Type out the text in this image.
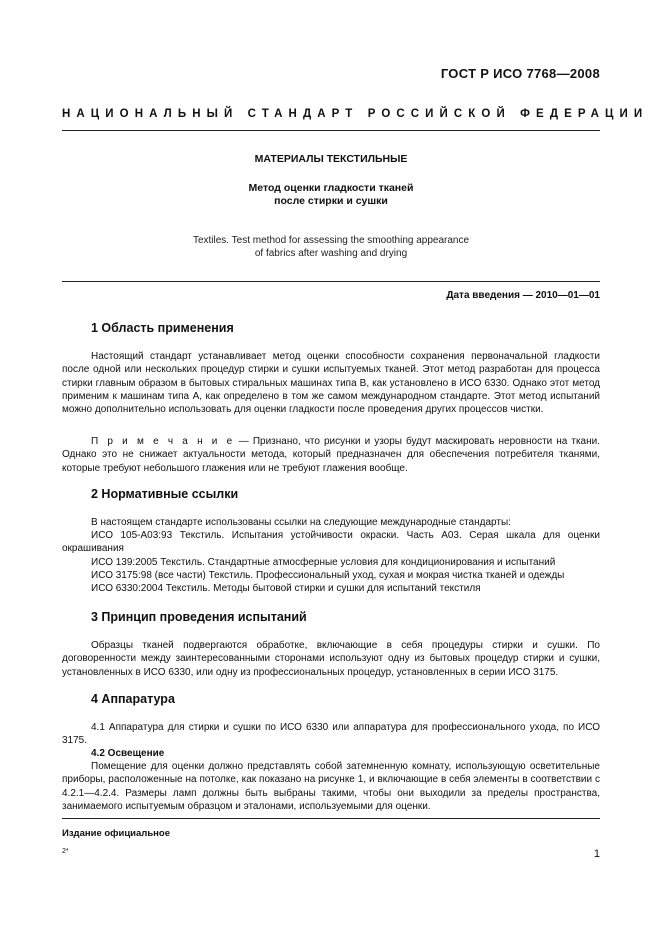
ГОСТ Р ИСО 7768—2008
НАЦИОНАЛЬНЫЙ СТАНДАРТ РОССИЙСКОЙ ФЕДЕРАЦИИ
МАТЕРИАЛЫ ТЕКСТИЛЬНЫЕ
Метод оценки гладкости тканей
после стирки и сушки
Textiles. Test method for assessing the smoothing appearance
of fabrics after washing and drying
Дата введения — 2010—01—01
1 Область применения

Настоящий стандарт устанавливает метод оценки способности сохранения первоначальной гладкости после одной или нескольких процедур стирки и сушки испытуемых тканей. Этот метод разработан для процесса стирки главным образом в бытовых стиральных машинах типа В, как установлено в ИСО 6330. Однако этот метод применим к машинам типа А, как определено в том же самом международном стандарте. Этот метод испытаний можно дополнительно использовать для оценки гладкости после проведения других процессов чистки.

П р и м е ч а н и е — Признано, что рисунки и узоры будут маскировать неровности на ткани. Однако это не снижает актуальности метода, который предназначен для обеспечения потребителя тканями, которые требуют небольшого глажения или не требуют глажения вообще.

2 Нормативные ссылки
В настоящем стандарте использованы ссылки на следующие международные стандарты:

ИСО 105-А03:93 Текстиль. Испытания устойчивости окраски. Часть А03. Серая шкала для оценки окрашивания

ИСО 139:2005 Текстиль. Стандартные атмосферные условия для кондиционирования и испытаний
ИСО 3175:98 (все части) Текстиль. Профессиональный уход, сухая и мокрая чистка тканей и одежды
ИСО 6330:2004 Текстиль. Методы бытовой стирки и сушки для испытаний текстиля
3 Принцип проведения испытаний

Образцы тканей подвергаются обработке, включающие в себя процедуры стирки и сушки. По договоренности между заинтересованными сторонами используют одну из бытовых процедур стирки и сушки, установленных в ИСО 6330, или одну из профессиональных процедур, установленных в серии ИСО 3175.

4 Аппаратура

4.1 Аппаратура для стирки и сушки по ИСО 6330 или аппаратура для профессионального ухода, по ИСО 3175.

4.2 Освещение

Помещение для оценки должно представлять собой затемненную комнату, использующую осветительные приборы, расположенные на потолке, как показано на рисунке 1, и включающие в себя элементы в соответствии с 4.2.1—4.2.4. Размеры ламп должны быть выбраны такими, чтобы они выходили за пределы пространства, занимаемого испытуемым образцом и эталонами, используемыми для оценки.

Издание официальное
2*	1
